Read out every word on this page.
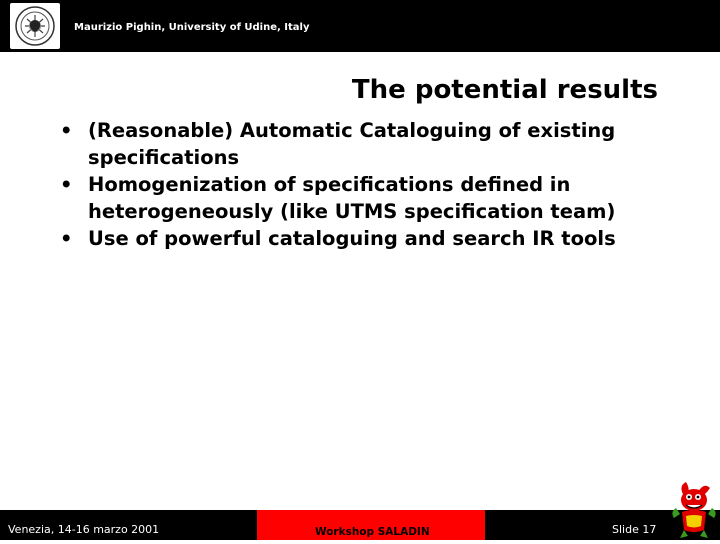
Maurizio Pighin, University of Udine, Italy
The potential results
• (Reasonable) Automatic Cataloguing of existing specifications
• Homogenization of specifications defined in heterogeneously (like UTMS specification team)
• Use of powerful cataloguing and search IR tools
Venezia, 14-16 marzo 2001	Workshop SALADIN	Slide 17
